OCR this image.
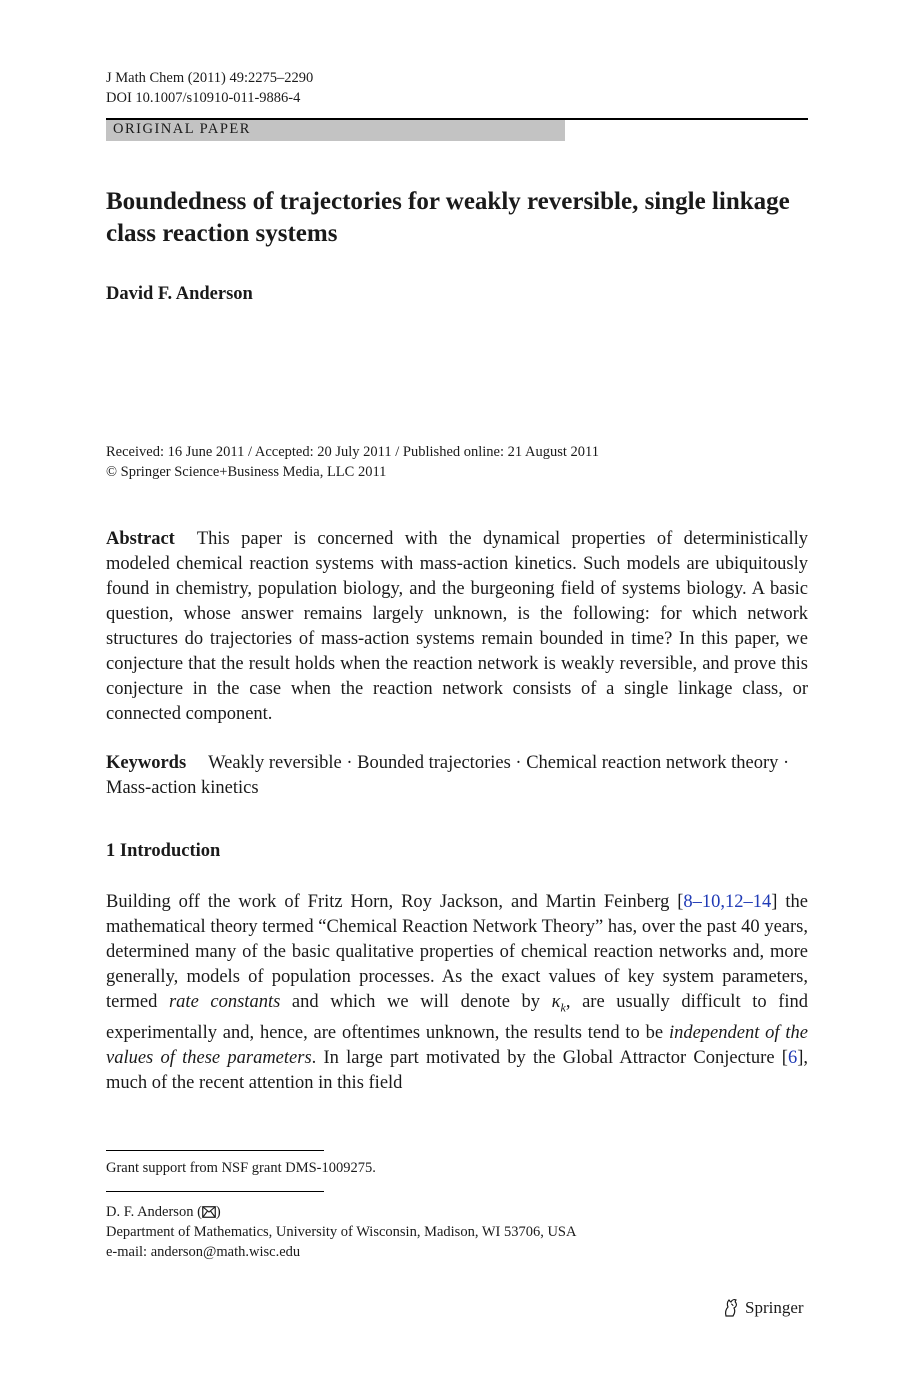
J Math Chem (2011) 49:2275–2290
DOI 10.1007/s10910-011-9886-4
ORIGINAL PAPER
Boundedness of trajectories for weakly reversible, single linkage class reaction systems
David F. Anderson
Received: 16 June 2011 / Accepted: 20 July 2011 / Published online: 21 August 2011
© Springer Science+Business Media, LLC 2011
Abstract This paper is concerned with the dynamical properties of deterministically modeled chemical reaction systems with mass-action kinetics. Such models are ubiquitously found in chemistry, population biology, and the burgeoning field of systems biology. A basic question, whose answer remains largely unknown, is the following: for which network structures do trajectories of mass-action systems remain bounded in time? In this paper, we conjecture that the result holds when the reaction network is weakly reversible, and prove this conjecture in the case when the reaction network consists of a single linkage class, or connected component.
Keywords Weakly reversible · Bounded trajectories · Chemical reaction network theory · Mass-action kinetics
1 Introduction
Building off the work of Fritz Horn, Roy Jackson, and Martin Feinberg [8–10,12–14] the mathematical theory termed “Chemical Reaction Network Theory” has, over the past 40 years, determined many of the basic qualitative properties of chemical reaction networks and, more generally, models of population processes. As the exact values of key system parameters, termed rate constants and which we will denote by $\kappa_k$, are usually difficult to find experimentally and, hence, are oftentimes unknown, the results tend to be independent of the values of these parameters. In large part motivated by the Global Attractor Conjecture [6], much of the recent attention in this field
Grant support from NSF grant DMS-1009275.
D. F. Anderson ( )
Department of Mathematics, University of Wisconsin, Madison, WI 53706, USA
e-mail: anderson@math.wisc.edu
Springer
